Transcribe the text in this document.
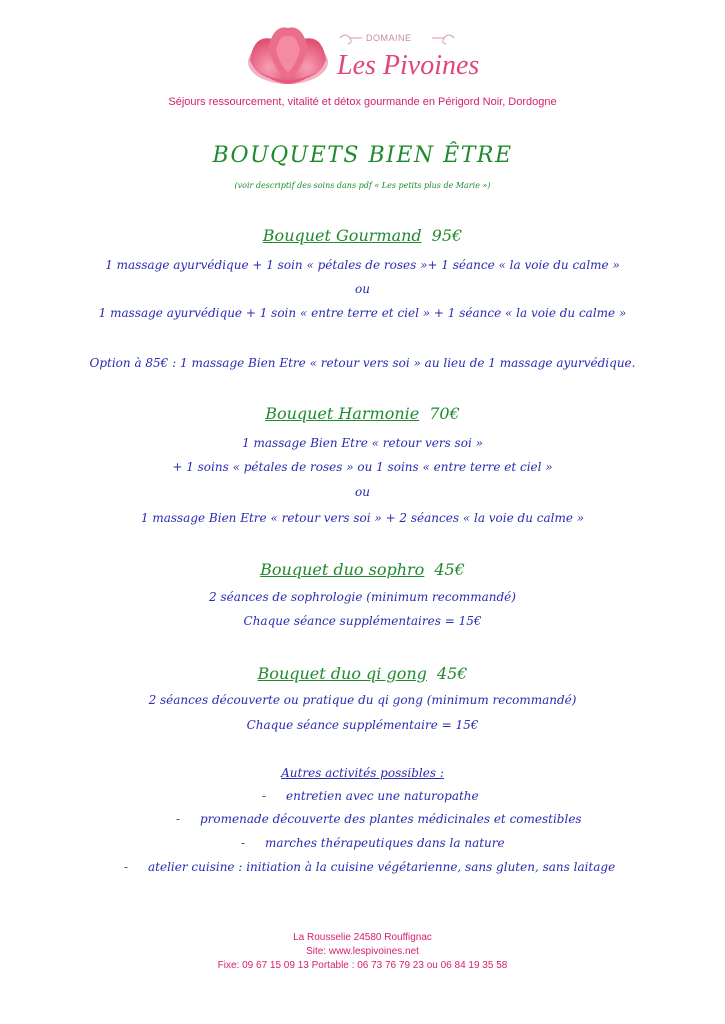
DOMAINE
Les Pivoines
Séjours ressourcement, vitalité et détox gourmande en Périgord Noir, Dordogne
BOUQUETS BIEN ÊTRE
(voir descriptif des soins dans pdf « Les petits plus de Marie »)
Bouquet Gourmand 95€
1 massage ayurvédique + 1 soin « pétales de roses »+ 1 séance « la voie du calme »
ou
1 massage ayurvédique + 1 soin « entre terre et ciel » + 1 séance « la voie du calme »
Option à 85€ : 1 massage Bien Etre « retour vers soi » au lieu de 1 massage ayurvédique.
Bouquet Harmonie 70€
1 massage Bien Etre « retour vers soi »
+ 1 soins « pétales de roses » ou 1 soins « entre terre et ciel »
ou
1 massage Bien Etre « retour vers soi » + 2 séances « la voie du calme »
Bouquet duo sophro 45€
2 séances de sophrologie (minimum recommandé)
Chaque séance supplémentaires = 15€
Bouquet duo qi gong 45€
2 séances découverte ou pratique du qi gong (minimum recommandé)
Chaque séance supplémentaire = 15€
Autres activités possibles :
- entretien avec une naturopathe
- promenade découverte des plantes médicinales et comestibles
- marches thérapeutiques dans la nature
- atelier cuisine : initiation à la cuisine végétarienne, sans gluten, sans laitage
La Rousselie 24580 Rouffignac
Site: www.lespivoines.net
Fixe: 09 67 15 09 13 Portable : 06 73 76 79 23 ou 06 84 19 35 58
